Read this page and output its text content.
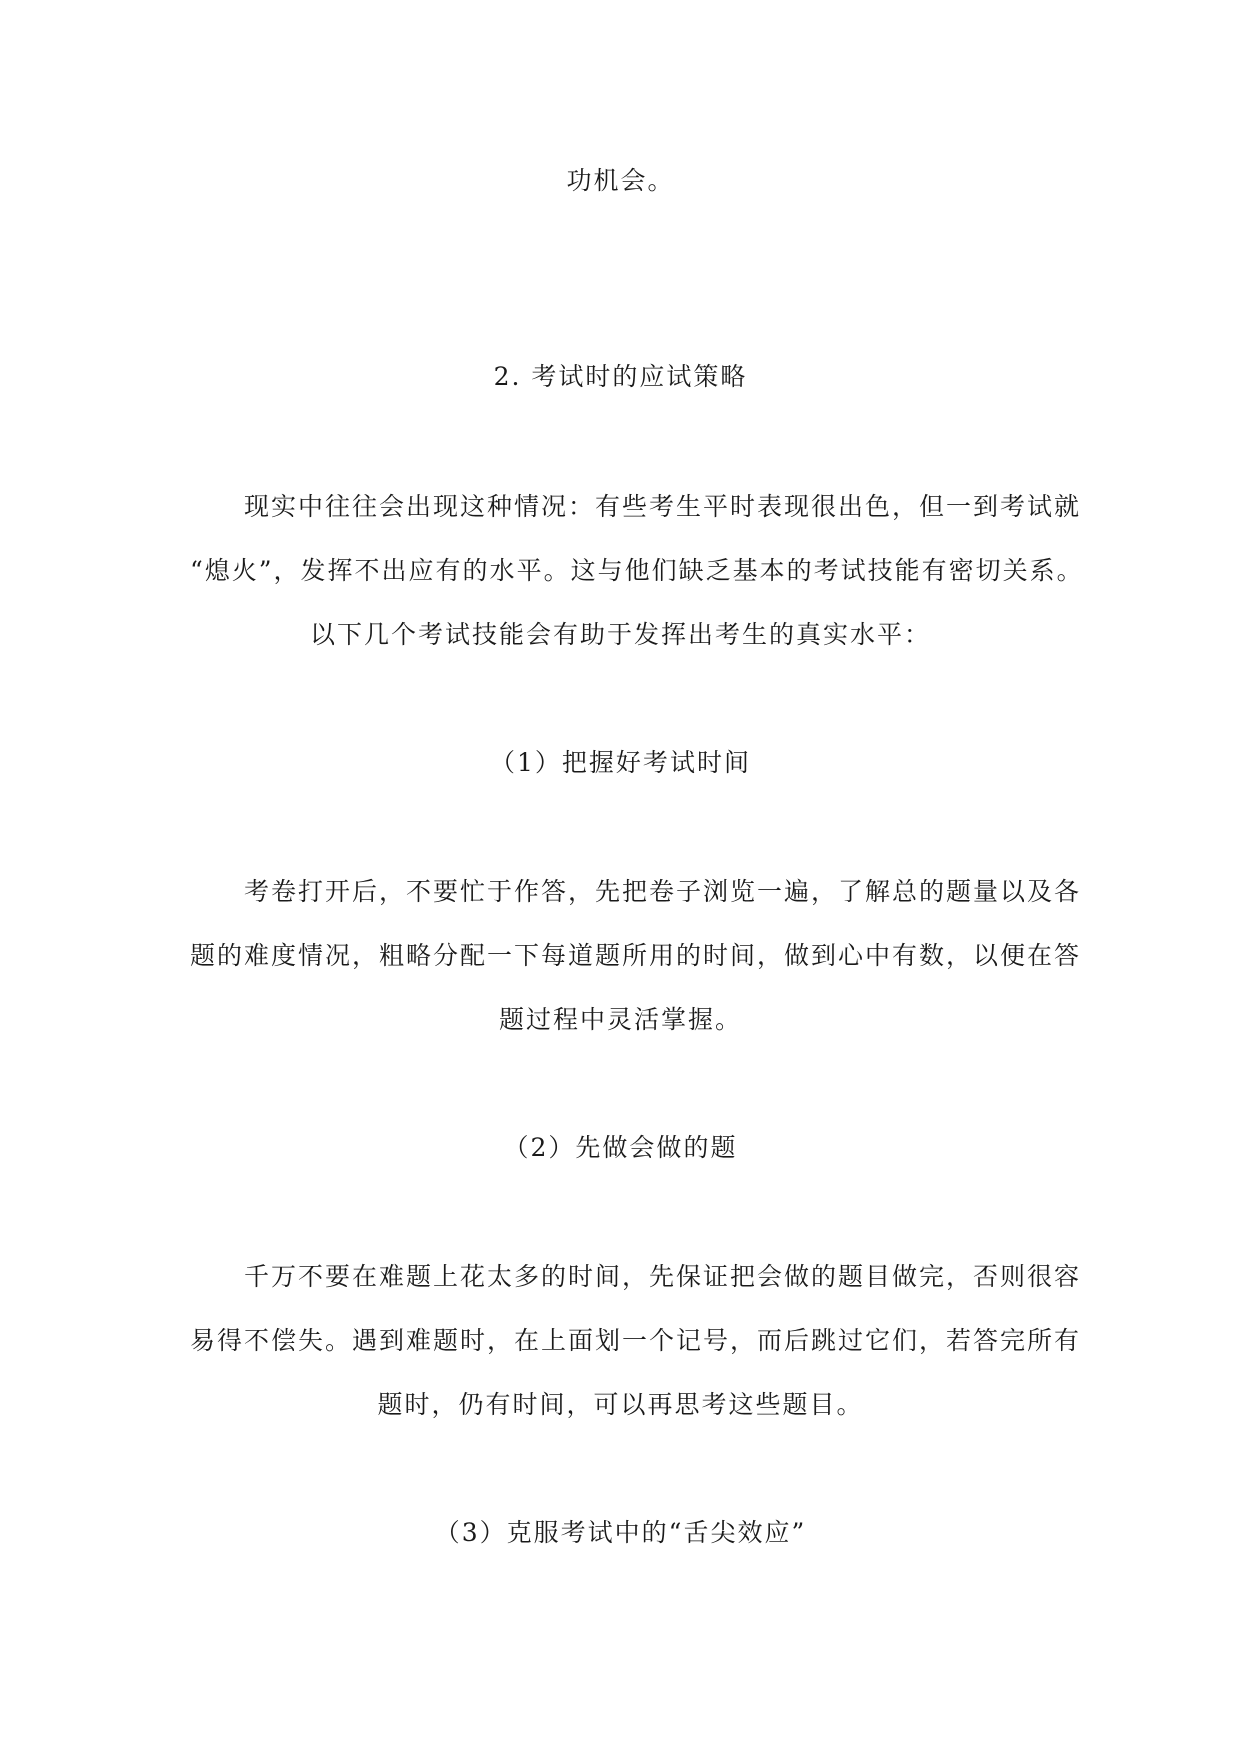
功机会。
2. 考试时的应试策略
现实中往往会出现这种情况：有些考生平时表现很出色，但一到考试就
“熄火”，发挥不出应有的水平。这与他们缺乏基本的考试技能有密切关系。
以下几个考试技能会有助于发挥出考生的真实水平：
（1）把握好考试时间
考卷打开后，不要忙于作答，先把卷子浏览一遍，了解总的题量以及各
题的难度情况，粗略分配一下每道题所用的时间，做到心中有数，以便在答
题过程中灵活掌握。
（2）先做会做的题
千万不要在难题上花太多的时间，先保证把会做的题目做完，否则很容
易得不偿失。遇到难题时，在上面划一个记号，而后跳过它们，若答完所有
题时，仍有时间，可以再思考这些题目。
（3）克服考试中的“舌尖效应”
